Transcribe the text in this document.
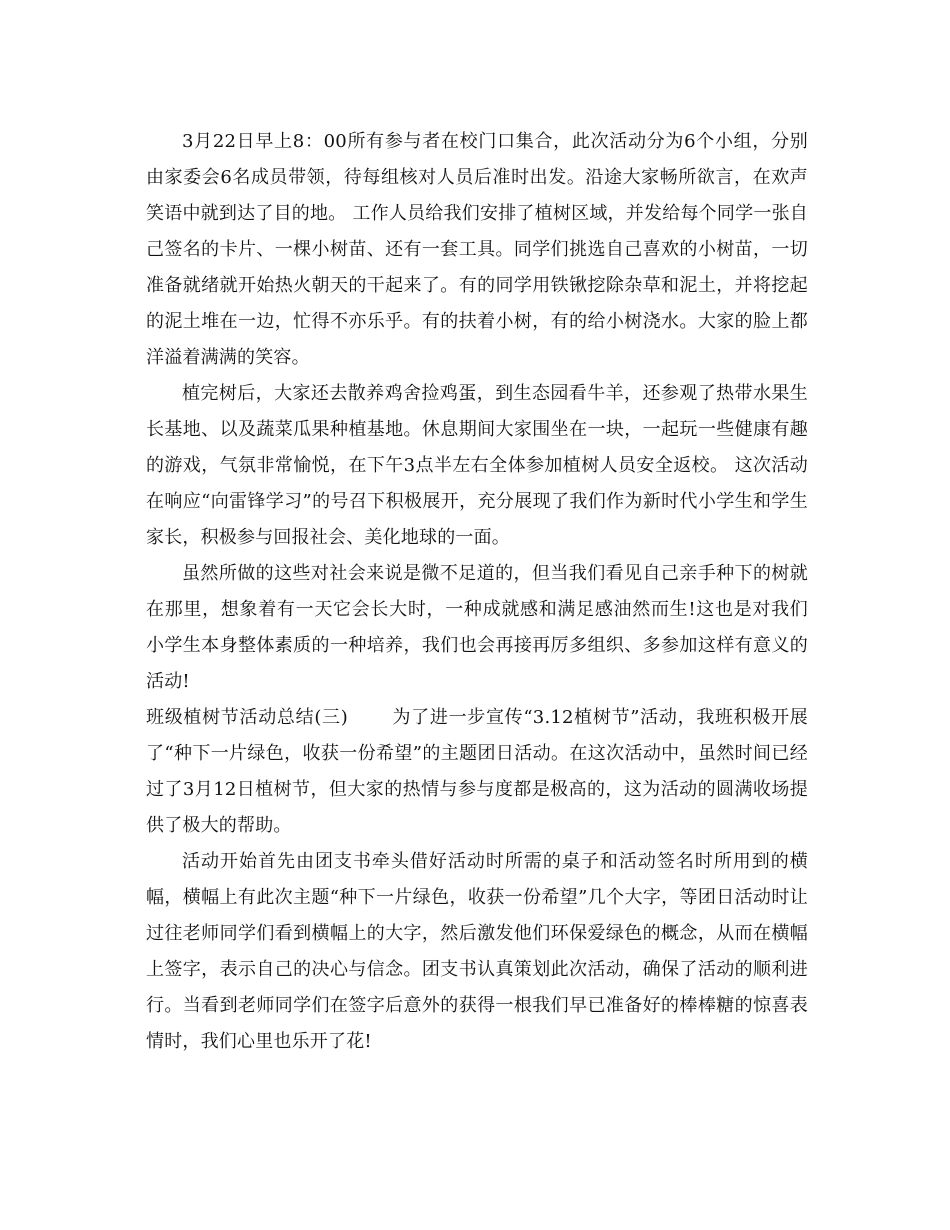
3月22日早上8：00所有参与者在校门口集合，此次活动分为6个小组，分别由家委会6名成员带领，待每组核对人员后准时出发。沿途大家畅所欲言，在欢声笑语中就到达了目的地。 工作人员给我们安排了植树区域，并发给每个同学一张自己签名的卡片、一棵小树苗、还有一套工具。同学们挑选自己喜欢的小树苗，一切准备就绪就开始热火朝天的干起来了。有的同学用铁锹挖除杂草和泥土，并将挖起的泥土堆在一边，忙得不亦乐乎。有的扶着小树，有的给小树浇水。大家的脸上都洋溢着满满的笑容。

植完树后，大家还去散养鸡舍捡鸡蛋，到生态园看牛羊，还参观了热带水果生长基地、以及蔬菜瓜果种植基地。休息期间大家围坐在一块，一起玩一些健康有趣的游戏，气氛非常愉悦，在下午3点半左右全体参加植树人员安全返校。 这次活动在响应“向雷锋学习”的号召下积极展开，充分展现了我们作为新时代小学生和学生家长，积极参与回报社会、美化地球的一面。

虽然所做的这些对社会来说是微不足道的，但当我们看见自己亲手种下的树就在那里，想象着有一天它会长大时，一种成就感和满足感油然而生!这也是对我们小学生本身整体素质的一种培养，我们也会再接再厉多组织、多参加这样有意义的活动!

班级植树节活动总结(三) 为了进一步宣传“3.12植树节”活动，我班积极开展了“种下一片绿色，收获一份希望”的主题团日活动。在这次活动中，虽然时间已经过了3月12日植树节，但大家的热情与参与度都是极高的，这为活动的圆满收场提供了极大的帮助。

活动开始首先由团支书牵头借好活动时所需的桌子和活动签名时所用到的横幅，横幅上有此次主题“种下一片绿色，收获一份希望”几个大字，等团日活动时让过往老师同学们看到横幅上的大字，然后激发他们环保爱绿色的概念，从而在横幅上签字，表示自己的决心与信念。团支书认真策划此次活动，确保了活动的顺利进行。当看到老师同学们在签字后意外的获得一根我们早已准备好的棒棒糖的惊喜表情时，我们心里也乐开了花!
